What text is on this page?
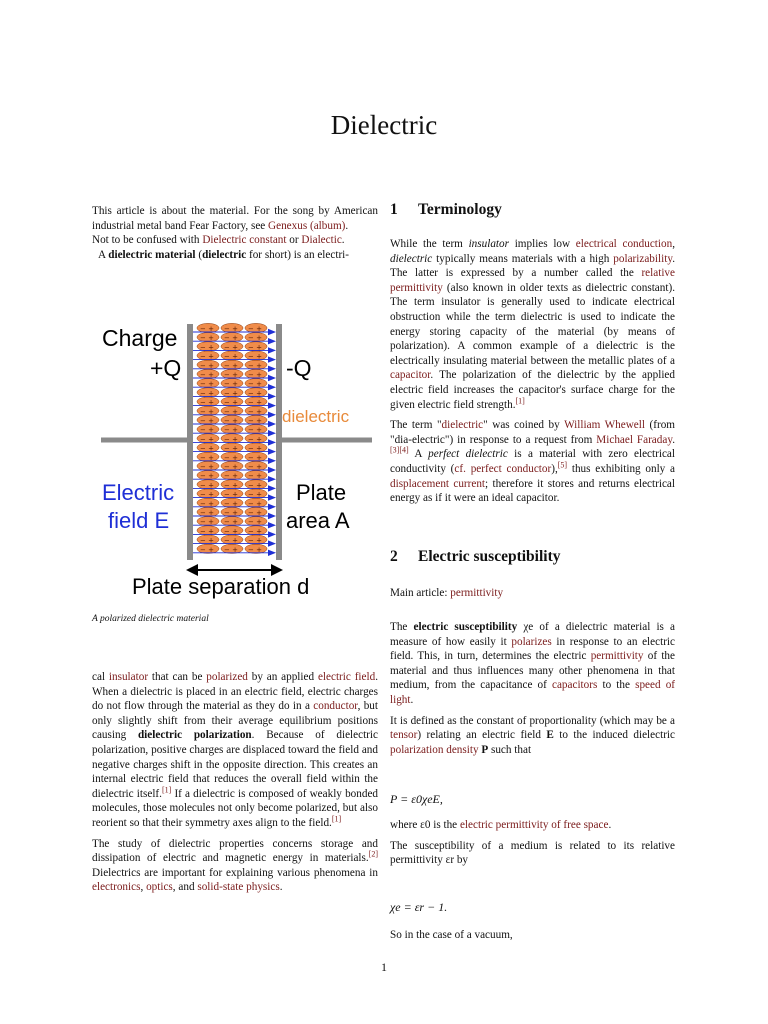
Dielectric

This article is about the material. For the song by American industrial metal band Fear Factory, see Genexus (album).
Not to be confused with Dielectric constant or Dialectic.

A dielectric material (dielectric for short) is an electri-

− + − + − +
− + − + − +
− + − + − +
− + − + − +
− + − + − +
− + − + − +
− + − + − +
− + − + − +
− + − + − +
− + − + − +
− + − + − +
− + − + − +
− + − + − +
− + − + − +
− + − + − +
− + − + − +
− + − + − +
− + − + − +
− + − + − +
− + − + − +
− + − + − +
− + − + − +
− + − + − +
− + − + − +
− + − + − +
Charge
+Q	-Q
dielectric
Electric
field E
Plate
area A
Plate separation d
A polarized dielectric material

cal insulator that can be polarized by an applied electric field. When a dielectric is placed in an electric field, electric charges do not flow through the material as they do in a conductor, but only slightly shift from their average equilibrium positions causing dielectric polarization. Because of dielectric polarization, positive charges are displaced toward the field and negative charges shift in the opposite direction. This creates an internal electric field that reduces the overall field within the dielectric itself.[1] If a dielectric is composed of weakly bonded molecules, those molecules not only become polarized, but also reorient so that their symmetry axes align to the field.[1]

The study of dielectric properties concerns storage and dissipation of electric and magnetic energy in materials.[2] Dielectrics are important for explaining various phenomena in electronics, optics, and solid-state physics.

1 Terminology

While the term insulator implies low electrical conduction, dielectric typically means materials with a high polarizability. The latter is expressed by a number called the relative permittivity (also known in older texts as dielectric constant). The term insulator is generally used to indicate electrical obstruction while the term dielectric is used to indicate the energy storing capacity of the material (by means of polarization). A common example of a dielectric is the electrically insulating material between the metallic plates of a capacitor. The polarization of the dielectric by the applied electric field increases the capacitor's surface charge for the given electric field strength.[1]

The term "dielectric" was coined by William Whewell (from "dia-electric") in response to a request from Michael Faraday.[3][4] A perfect dielectric is a material with zero electrical conductivity (cf. perfect conductor),[5] thus exhibiting only a displacement current; therefore it stores and returns electrical energy as if it were an ideal capacitor.

2 Electric susceptibility
Main article: permittivity

The electric susceptibility χe of a dielectric material is a measure of how easily it polarizes in response to an electric field. This, in turn, determines the electric permittivity of the material and thus influences many other phenomena in that medium, from the capacitance of capacitors to the speed of light.

It is defined as the constant of proportionality (which may be a tensor) relating an electric field E to the induced dielectric polarization density P such that

P = ε0χeE,

where ε0 is the electric permittivity of free space.

The susceptibility of a medium is related to its relative permittivity εr by

χe = εr − 1.
So in the case of a vacuum,
1
